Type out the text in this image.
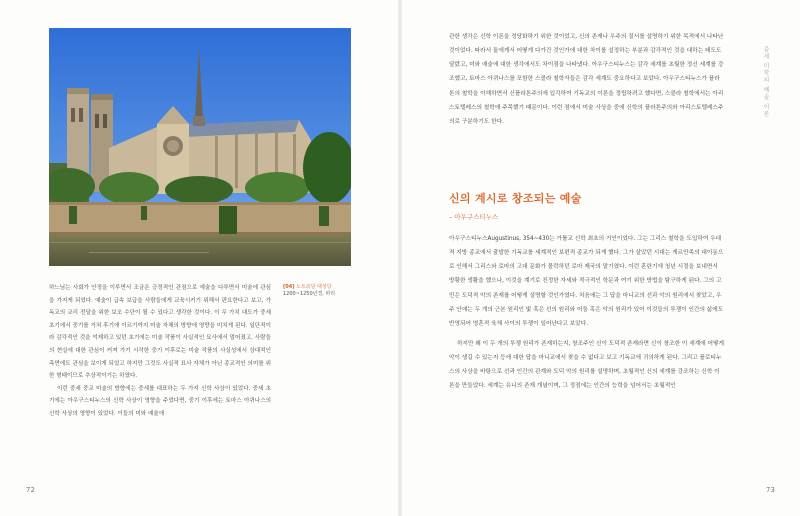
[04] 노트르담 대성당
1200~1250년경, 파리

하느님는 사회가 안정을 이루면서 조금은 긍정적인 관점으로 예술을 다루면서 미술에 관심을 가지게 되었다. 예술이 급속 보급을 사람들에게 교육시키기 위해서 편요한다고 보고, 가독교의 교리 전달을 위한 보조 수단이 될 수 있다고 생각한 것이다. 이 무 가치 대도가 중세 초기에서 중기를 거쳐 후기에 이르기까지 미술 자체의 방향에 영향을 미치게 된다. 일단적이라 감각적인 것을 억제하고 있던 초기에는 미술 작품이 사실적인 묘사에서 멀어졌고, 사람들의 현실에 대한 관심이 커져 가기 시작한 중기 이후로는 미술 작품의 사실성에서 상대적인 측면에도 관심을 보이게 되었고 하지만 그것도 사실적 묘사 자체가 아닌 종교적인 의미를 위한 형태이므로 추상적이기는 하였다.

이런 중세 중교 미술의 방향에는 중세를 대표하는 두 가지 신학 사상이 있었다. 중세 초기에는 아우구스티누스의 신학 사상이 영향을 주었다면, 중기 이후에는 토마스 아퀴나스의 신학 사상의 영향이 있었다. 이들의 미와 예술에

72

관한 생각은 신학 이론을 정당화하기 위한 것이었고, 신의 존재나 우주의 질서를 설명하기 위한 목적에서 나타난 것이었다. 따라서 둘에게서 어떻게 다가간 것인가에 대한 차이를 설정하는 부분과 감각적인 것을 대하는 태도도 달랐고, 미와 예술에 대한 생각에서도 차이점을 나타냈다. 아우구스티누스는 감각 세계를 초월한 정신 세계를 강조했고, 토마스 아퀴나스를 포함한 스콜라 철학자들은 감각 세계도 중요하다고 보았다. 아우구스티누스가 플라톤의 철학을 이해하면서 신플라톤주의에 입각하여 기독교의 이론을 정립하려고 했다면, 스콜라 철학에서는 아리스토텔레스의 철학에 주목했기 때문이다. 이런 점에서 미술 사상을 중에 신학의 플라톤주의와 아리스토텔레스주의로 구분하기도 한다.

신의 계시로 창조되는 예술
– 아우구스티누스

아우구스티누스Augustinus, 354~430는 가톨교 신학 최초의 거인이었다. 그는 그리스 철학을 도입하여 우대적 지방 종교에서 출발한 기독교를 세계적인 보편적 종교가 되게 했다. 그가 살았던 시대는 게르만족의 대이동으로 인해서 그리스와 로마의 고대 문화가 몰락하던 로마 제국의 말기였다. 이런 혼란기에 청년 시절을 보내면서 방황한 생활을 했으나, 이것을 계기로 진정한 자세와 적극적인 학문과 여기 위한 방법을 탐구하게 된다. 그의 고민은 도덕적 악의 존재를 어떻게 설명할 것인가였다. 처음에는 그 답을 마니교의 선과 악의 원리에서 찾았고, 우주 안에는 두 개의 근본 원리인 빛 혹은 선의 원리와 어둠 혹은 악의 원리가 있어 이것들의 투쟁이 인간의 삶에도 반영되어 영혼적 육체 사이의 투쟁이 일어난다고 보았다.

하지만 왜 이 두 개의 투쟁 원리가 존재하는지, 창조주인 신이 도덕적 존재라면 신이 창조한 이 세계에 어떻게 악이 생길 수 있는지 등에 대한 답을 마니교에서 찾을 수 없다고 보고 기독교에 귀의하게 된다. 그리고 플로티누스의 사상을 바탕으로 선과 인간의 관계와 도덕 악의 원리를 설명하며, 초월적인 신의 세계를 강조하는 신학 이론을 만들었다. 세계는 유니의 존재 개념이며, 그 정점에는 인간의 능력을 넘어서는 초월적인

중세 미학의 예술 이론
73
